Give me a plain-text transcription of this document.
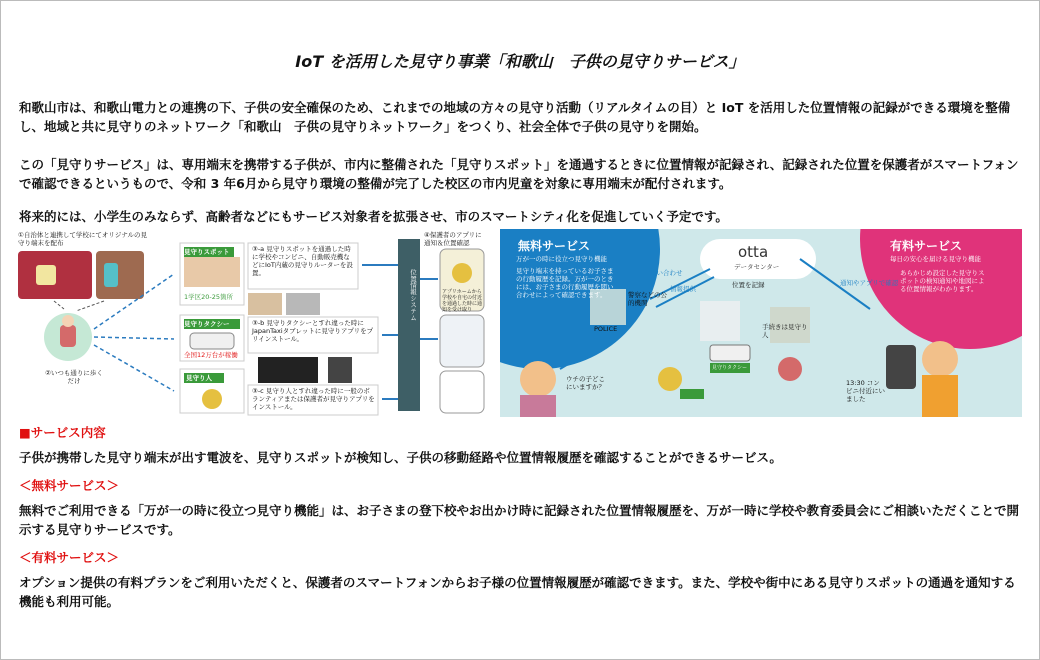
IoT を活用した見守り事業「和歌山　子供の見守りサービス」
和歌山市は、和歌山電力との連携の下、子供の安全確保のため、これまでの地域の方々の見守り活動（リアルタイムの目）と IoT を活用した位置情報の記録ができる環境を整備し、地域と共に見守りのネットワーク「和歌山　子供の見守りネットワーク」をつくり、社会全体で子供の見守りを開始。
この「見守りサービス」は、専用端末を携帯する子供が、市内に整備された「見守りスポット」を通過するときに位置情報が記録され、記録された位置を保護者がスマートフォンで確認できるというもので、令和 3 年6月から見守り環境の整備が完了した校区の市内児童を対象に専用端末が配付されます。
将来的には、小学生のみならず、高齢者などにもサービス対象者を拡張させ、市のスマートシティ化を促進していく予定です。
①自治体と連携して学校にてオリジナルの見守り端末を配布
②いつも通りに歩くだけ
見守りスポット
1学区20-25箇所
③-a 見守りスポットを通過した時に学校やコンビニ、自動販売機などにIoT内蔵の見守りルーターを設置。
見守りタクシー
全国12万台が稼働
③-b 見守りタクシーとすれ違った時にJapanTaxiタブレットに見守りアプリをプリインストール。
見守り人
③-c 見守り人とすれ違った時に一般のボランティアまたは保護者が見守りアプリをインストール。
位置情報システム
④保護者のアプリに通知＆位置確認
アプリホームから学校や自宅の付近を通過した時に通知を受け取り
無料サービス
万が一の時に役立つ見守り機能
見守り端末を持っているお子さまの行動履歴を記録。万が一のときには、お子さまの行動履歴を閲い合わせによって確認できます。
有料サービス
毎日の安心を届ける見守り機能
あらかじめ設定した見守りスポットの検知通知や地図による位置情報がわかります。
otta
データセンター
警察などの公的機関
問い合わせ
情報提供
通知やアプリで確認
位置を記録
POLICE	手続きは見守り人
見守りタクシー
ウチの子どこにいますか？	13:30 コンビニ付近にいました
■サービス内容
子供が携帯した見守り端末が出す電波を、見守りスポットが検知し、子供の移動経路や位置情報履歴を確認することができるサービス。
＜無料サービス＞
無料でご利用できる「万が一の時に役立つ見守り機能」は、お子さまの登下校やお出かけ時に記録された位置情報履歴を、万が一時に学校や教育委員会にご相談いただくことで開示する見守りサービスです。
＜有料サービス＞
オプション提供の有料プランをご利用いただくと、保護者のスマートフォンからお子様の位置情報履歴が確認できます。また、学校や街中にある見守りスポットの通過を通知する機能も利用可能。
